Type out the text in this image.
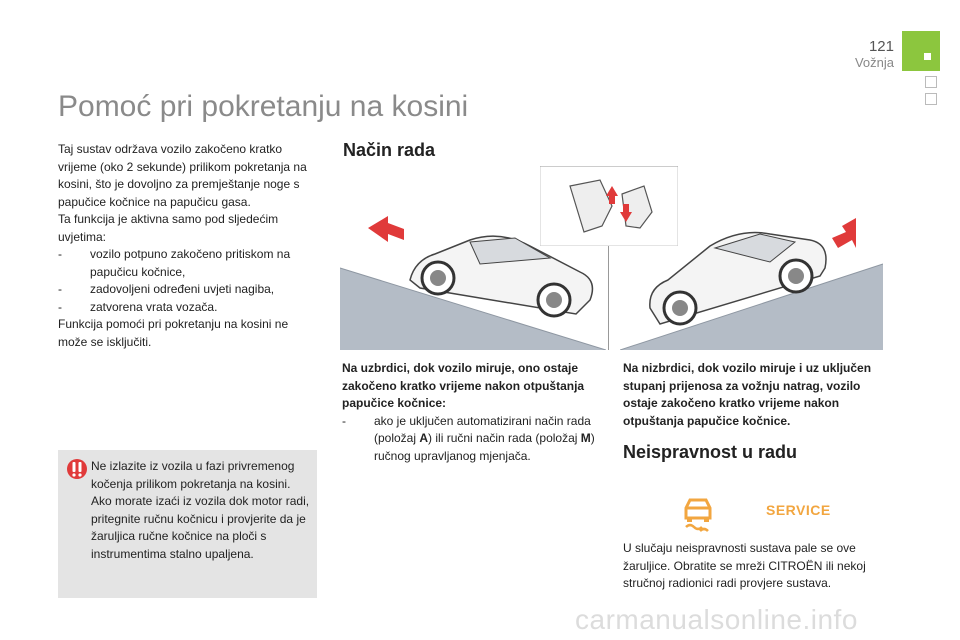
121
Vožnja
Pomoć pri pokretanju na kosini

Taj sustav održava vozilo zakočeno kratko vrijeme (oko 2 sekunde) prilikom pokretanja na kosini, što je dovoljno za premještanje noge s papučice kočnice na papučicu gasa.

Ta funkcija je aktivna samo pod sljedećim uvjetima:

- vozilo potpuno zakočeno pritiskom na papučicu kočnice,
- zadovoljeni određeni uvjeti nagiba,
- zatvorena vrata vozača.

Funkcija pomoći pri pokretanju na kosini ne može se isključiti.

Ne izlazite iz vozila u fazi privremenog kočenja prilikom pokretanja na kosini. Ako morate izaći iz vozila dok motor radi, pritegnite ručnu kočnicu i provjerite da je žaruljica ručne kočnice na ploči s instrumentima stalno upaljena.
Način rada
Na uzbrdici, dok vozilo miruje, ono ostaje zakočeno kratko vrijeme nakon otpuštanja papučice kočnice:
- ako je uključen automatizirani način rada (položaj A) ili ručni način rada (položaj M) ručnog upravljanog mjenjača.
Na nizbrdici, dok vozilo miruje i uz uključen stupanj prijenosa za vožnju natrag, vozilo ostaje zakočeno kratko vrijeme nakon otpuštanja papučice kočnice.
Neispravnost u radu
SERVICE
U slučaju neispravnosti sustava pale se ove žaruljice. Obratite se mreži CITROËN ili nekoj stručnoj radionici radi provjere sustava.
carmanualsonline.info
